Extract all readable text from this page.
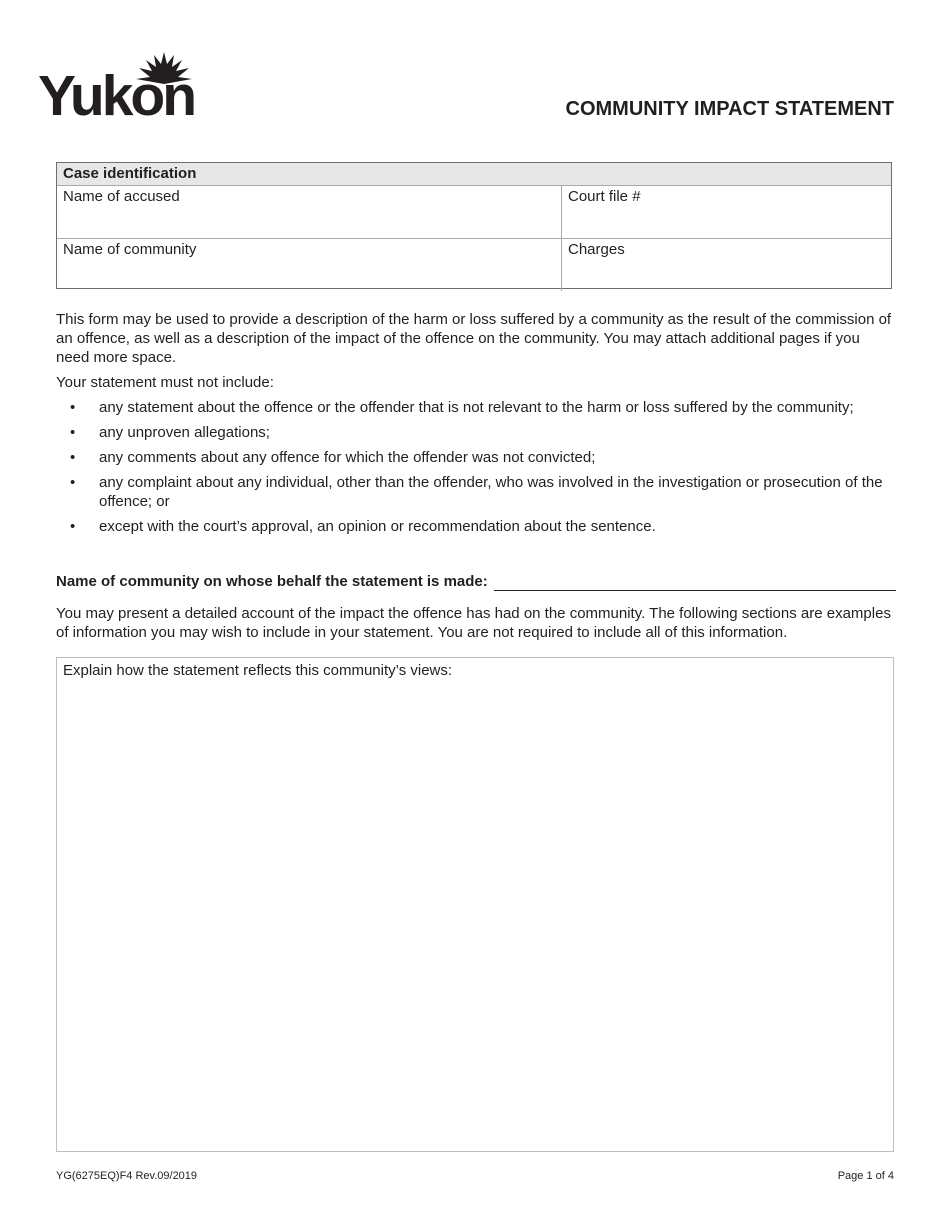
Yukon	COMMUNITY IMPACT STATEMENT
Case identification
Name of accused	Court file #
Name of community	Charges

This form may be used to provide a description of the harm or loss suffered by a community as the result of the commission of an offence, as well as a description of the impact of the offence on the community. You may attach additional pages if you need more space.

Your statement must not include:

• any statement about the offence or the offender that is not relevant to the harm or loss suffered by the community;
• any unproven allegations;
• any comments about any offence for which the offender was not convicted;
• any complaint about any individual, other than the offender, who was involved in the investigation or prosecution of the offence; or
• except with the court’s approval, an opinion or recommendation about the sentence.
Name of community on whose behalf the statement is made:

You may present a detailed account of the impact the offence has had on the community. The following sections are examples of information you may wish to include in your statement. You are not required to include all of this information.

Explain how the statement reflects this community’s views:
YG(6275EQ)F4 Rev.09/2019	Page 1 of 4
